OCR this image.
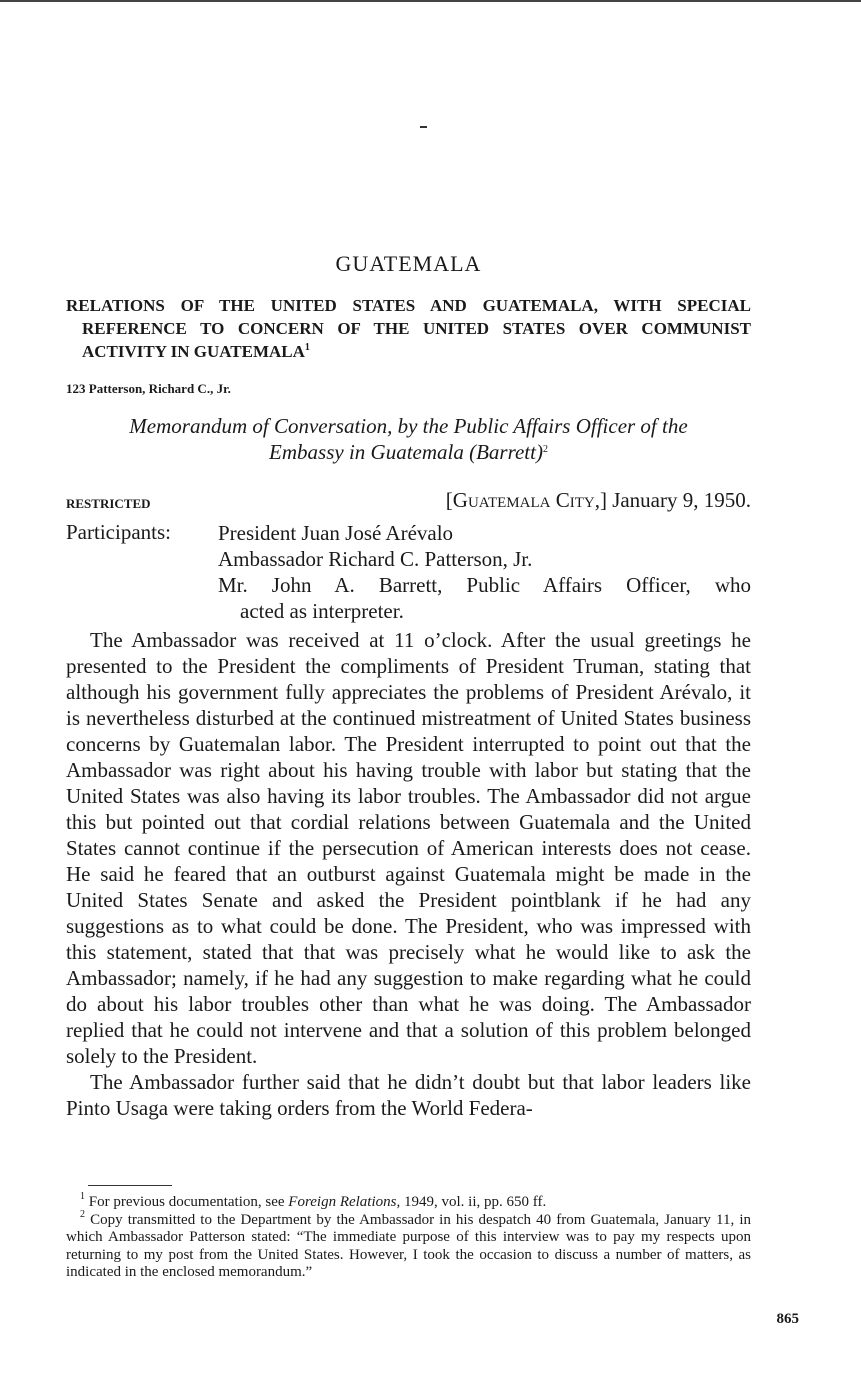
GUATEMALA
RELATIONS OF THE UNITED STATES AND GUATEMALA, WITH SPECIAL REFERENCE TO CONCERN OF THE UNITED STATES OVER COMMUNIST ACTIVITY IN GUATEMALA$^1$
123 Patterson, Richard C., Jr.
Memorandum of Conversation, by the Public Affairs Officer of the
Embassy in Guatemala (Barrett)$^2$
RESTRICTED	[Guatemala City,] January 9, 1950.
Participants: President Juan José Arévalo
Ambassador Richard C. Patterson, Jr.
Mr. John A. Barrett, Public Affairs Officer, who
acted as interpreter.

The Ambassador was received at 11 o’clock. After the usual greetings he presented to the President the compliments of President Truman, stating that although his government fully appreciates the problems of President Arévalo, it is nevertheless disturbed at the continued mistreatment of United States business concerns by Guatemalan labor. The President interrupted to point out that the Ambassador was right about his having trouble with labor but stating that the United States was also having its labor troubles. The Ambassador did not argue this but pointed out that cordial relations between Guatemala and the United States cannot continue if the persecution of American interests does not cease. He said he feared that an outburst against Guatemala might be made in the United States Senate and asked the President pointblank if he had any suggestions as to what could be done. The President, who was impressed with this statement, stated that that was precisely what he would like to ask the Ambassador; namely, if he had any suggestion to make regarding what he could do about his labor troubles other than what he was doing. The Ambassador replied that he could not intervene and that a solution of this problem belonged solely to the President.

The Ambassador further said that he didn’t doubt but that labor leaders like Pinto Usaga were taking orders from the World Federa-

$^1$ For previous documentation, see Foreign Relations, 1949, vol. ii, pp. 650 ff.

$^2$ Copy transmitted to the Department by the Ambassador in his despatch 40 from Guatemala, January 11, in which Ambassador Patterson stated: “The immediate purpose of this interview was to pay my respects upon returning to my post from the United States. However, I took the occasion to discuss a number of matters, as indicated in the enclosed memorandum.”

865
